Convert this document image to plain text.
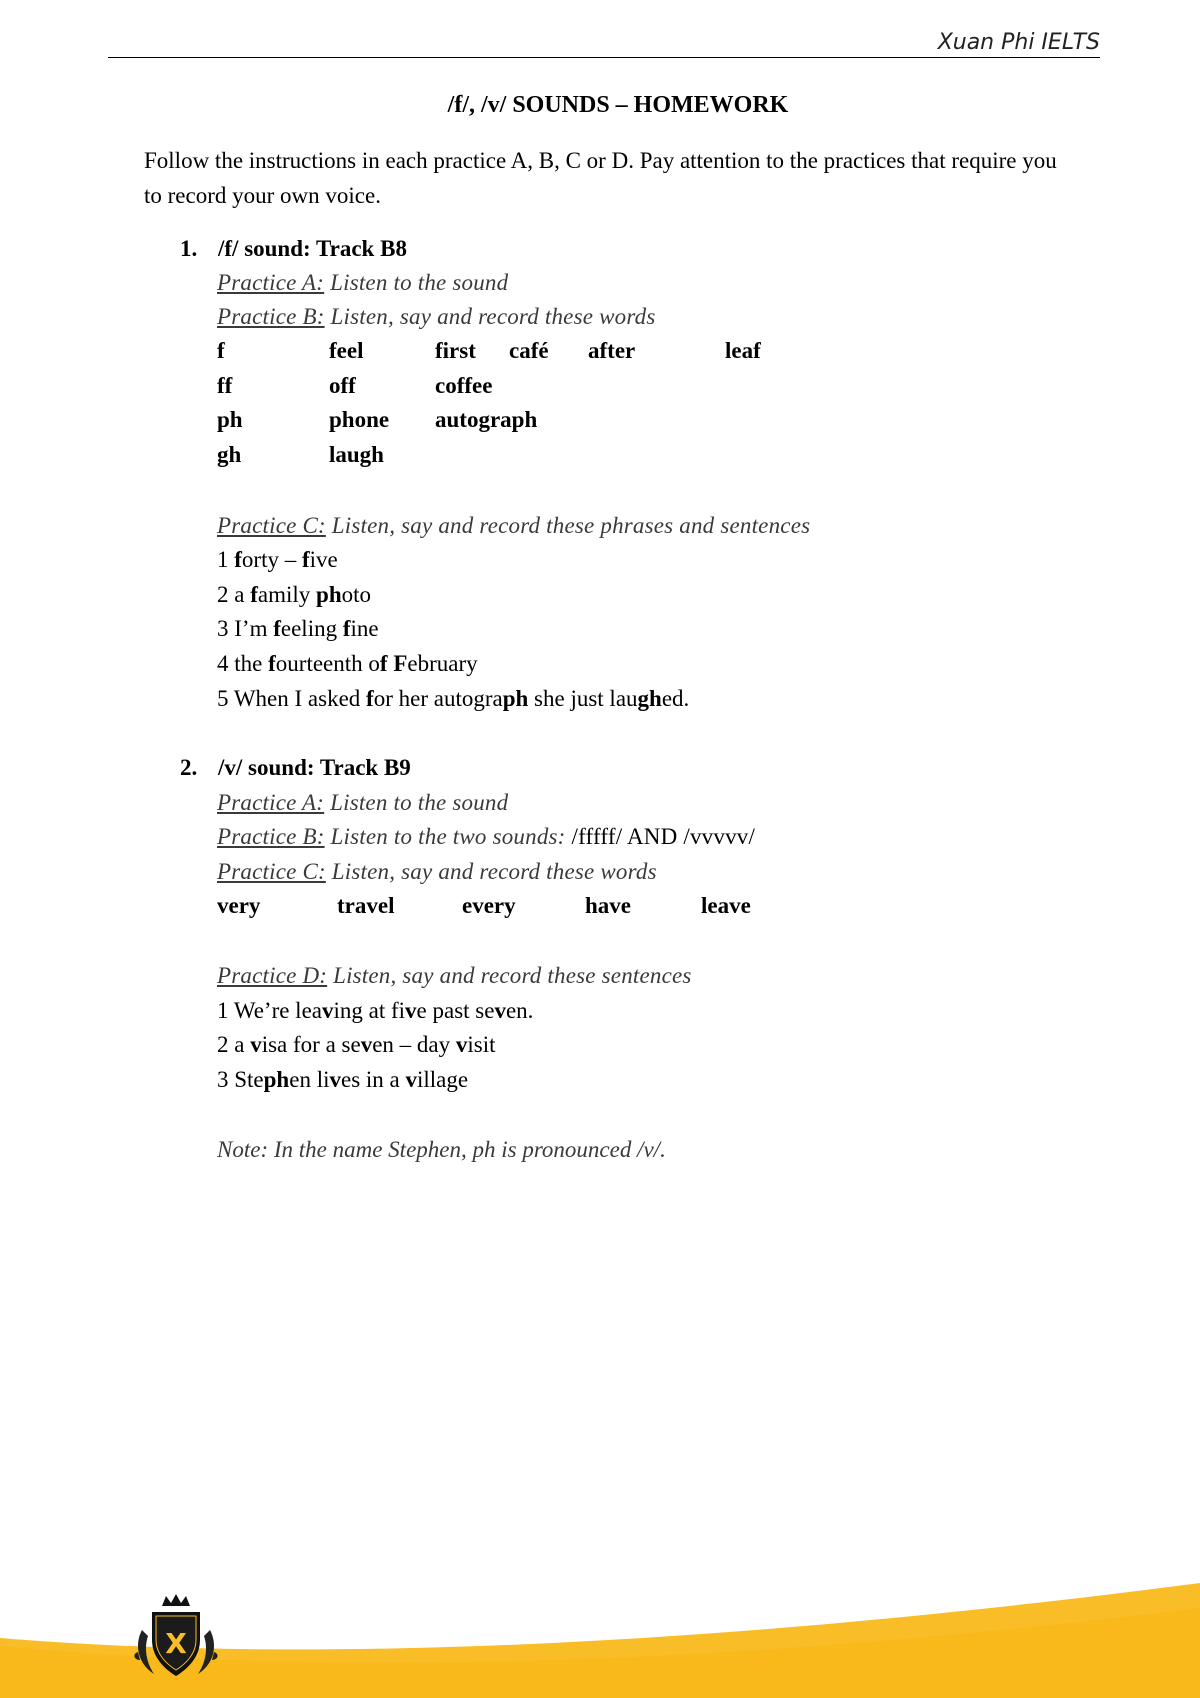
Xuan Phi IELTS
/f/, /v/ SOUNDS – HOMEWORK
Follow the instructions in each practice A, B, C or D. Pay attention to the practices that require you to record your own voice.
1. /f/ sound: Track B8
Practice A: Listen to the sound
Practice B: Listen, say and record these words
f	feel	first café after	leaf
ff	off	coffee
ph	phone autograph
gh	laugh
Practice C: Listen, say and record these phrases and sentences
1 forty – five
2 a family photo
3 I’m feeling fine
4 the fourteenth of February
5 When I asked for her autograph she just laughed.
2. /v/ sound: Track B9
Practice A: Listen to the sound
Practice B: Listen to the two sounds: /fffff/ AND /vvvvv/
Practice C: Listen, say and record these words
very	travel	every	have	leave
Practice D: Listen, say and record these sentences
1 We’re leaving at five past seven.
2 a visa for a seven – day visit
3 Stephen lives in a village
Note: In the name Stephen, ph is pronounced /v/.
X
